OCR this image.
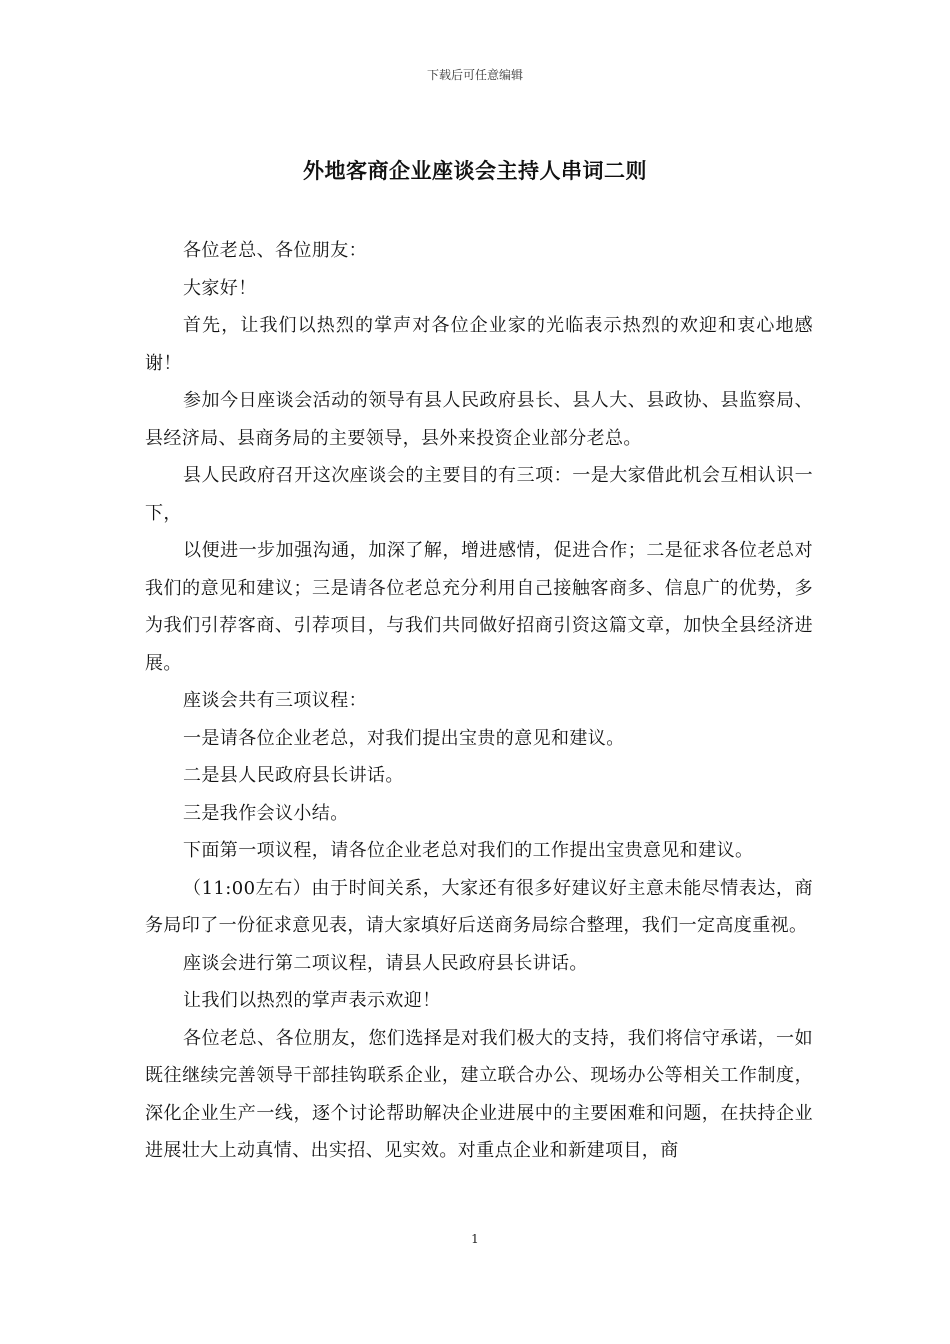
下载后可任意编辑
外地客商企业座谈会主持人串词二则

各位老总、各位朋友：

大家好！

首先，让我们以热烈的掌声对各位企业家的光临表示热烈的欢迎和衷心地感谢！

参加今日座谈会活动的领导有县人民政府县长、县人大、县政协、县监察局、县经济局、县商务局的主要领导，县外来投资企业部分老总。

县人民政府召开这次座谈会的主要目的有三项：一是大家借此机会互相认识一下，

以便进一步加强沟通，加深了解，增进感情，促进合作；二是征求各位老总对我们的意见和建议；三是请各位老总充分利用自己接触客商多、信息广的优势，多为我们引荐客商、引荐项目，与我们共同做好招商引资这篇文章，加快全县经济进展。

座谈会共有三项议程：

一是请各位企业老总，对我们提出宝贵的意见和建议。

二是县人民政府县长讲话。

三是我作会议小结。

下面第一项议程，请各位企业老总对我们的工作提出宝贵意见和建议。

（11:00左右）由于时间关系，大家还有很多好建议好主意未能尽情表达，商务局印了一份征求意见表，请大家填好后送商务局综合整理，我们一定高度重视。

座谈会进行第二项议程，请县人民政府县长讲话。

让我们以热烈的掌声表示欢迎！

各位老总、各位朋友，您们选择是对我们极大的支持，我们将信守承诺，一如既往继续完善领导干部挂钩联系企业，建立联合办公、现场办公等相关工作制度，深化企业生产一线，逐个讨论帮助解决企业进展中的主要困难和问题，在扶持企业进展壮大上动真情、出实招、见实效。对重点企业和新建项目，商

1
